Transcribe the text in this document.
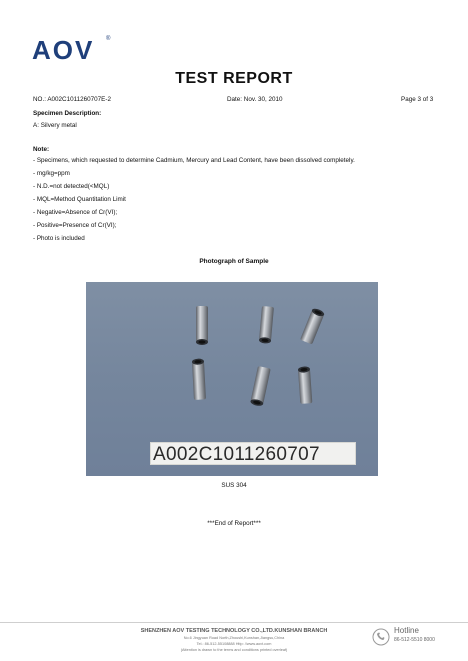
AOV ®
TEST REPORT
NO.: A002C1011260707E-2	Date: Nov. 30, 2010	Page 3 of 3
Specimen Description:
A: Silvery metal
Note:
- Specimens, which requested to determine Cadmium, Mercury and Lead Content, have been dissolved completely.
- mg/kg=ppm
- N.D.=not detected(<MQL)
- MQL=Method Quantitation Limit
- Negative=Absence of Cr(VI);
- Positive=Presence of Cr(VI);
- Photo is included
Photograph of Sample
A002C1011260707
SUS 304
***End of Report***
SHENZHEN AOV TESTING TECHNOLOGY CO.,LTD.KUNSHAN BRANCH
No.6 Jingyuan Road North,Zhoushi,Kunshan,Jiangsu,China
Tel.: 86-512-55108888 Http: //www.aovt.com
(Attention is drawn to the terms and conditions printed overleaf)
Hotline
86-512-5510 8000
